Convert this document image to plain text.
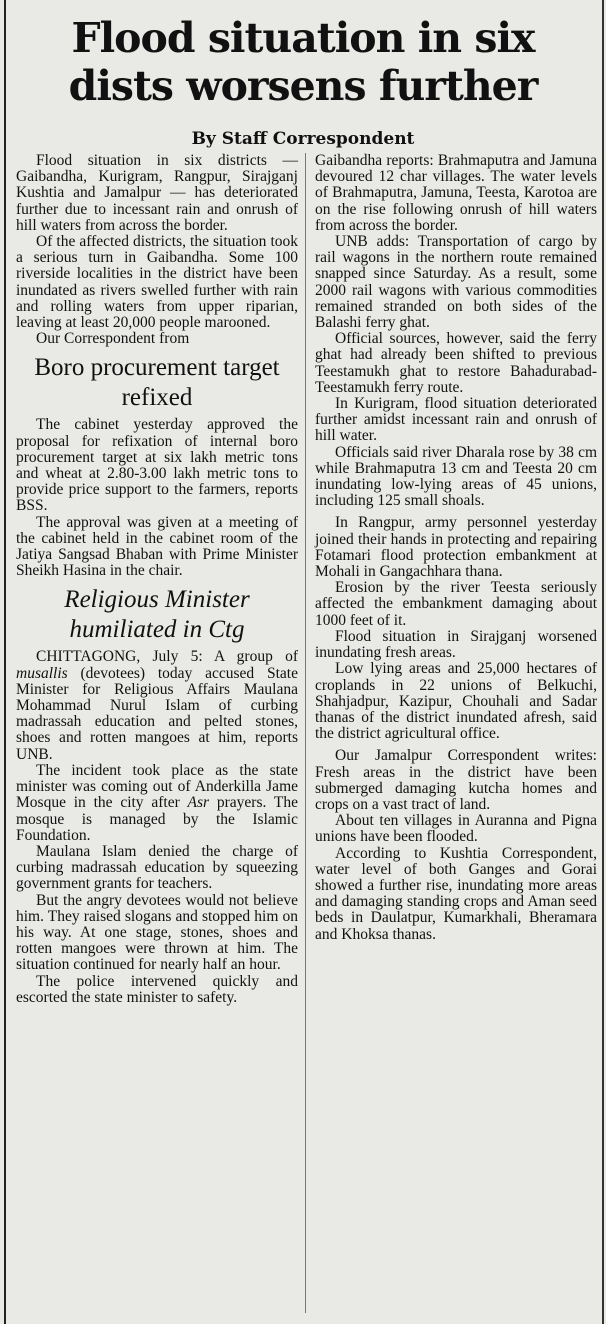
Flood situation in six
dists worsens further

By Staff Correspondent

Flood situation in six districts — Gaibandha, Kurigram, Rangpur, Sirajganj Kushtia and Jamalpur — has deteriorated further due to incessant rain and onrush of hill waters from across the border.

Of the affected districts, the situation took a serious turn in Gaibandha. Some 100 riverside localities in the district have been inundated as rivers swelled further with rain and rolling waters from upper riparian, leaving at least 20,000 people marooned.

Our Correspondent from

Boro procurement target refixed

The cabinet yesterday approved the proposal for refixation of internal boro procurement target at six lakh metric tons and wheat at 2.80-3.00 lakh metric tons to provide price support to the farmers, reports BSS.

The approval was given at a meeting of the cabinet held in the cabinet room of the Jatiya Sangsad Bhaban with Prime Minister Sheikh Hasina in the chair.

Religious Minister
humiliated in Ctg

CHITTAGONG, July 5: A group of musallis (devotees) today accused State Minister for Religious Affairs Maulana Mohammad Nurul Islam of curbing madrassah education and pelted stones, shoes and rotten mangoes at him, reports UNB.

The incident took place as the state minister was coming out of Anderkilla Jame Mosque in the city after Asr prayers. The mosque is managed by the Islamic Foundation.

Maulana Islam denied the charge of curbing madrassah education by squeezing government grants for teachers.

But the angry devotees would not believe him. They raised slogans and stopped him on his way. At one stage, stones, shoes and rotten mangoes were thrown at him. The situation continued for nearly half an hour.

The police intervened quickly and escorted the state minister to safety.

Gaibandha reports: Brahmaputra and Jamuna devoured 12 char villages. The water levels of Brahmaputra, Jamuna, Teesta, Karotoa are on the rise following onrush of hill waters from across the border.

UNB adds: Transportation of cargo by rail wagons in the northern route remained snapped since Saturday. As a result, some 2000 rail wagons with various commodities remained stranded on both sides of the Balashi ferry ghat.

Official sources, however, said the ferry ghat had already been shifted to previous Teestamukh ghat to restore Bahadurabad-Teestamukh ferry route.

In Kurigram, flood situation deteriorated further amidst incessant rain and onrush of hill water.

Officials said river Dharala rose by 38 cm while Brahmaputra 13 cm and Teesta 20 cm inundating low-lying areas of 45 unions, including 125 small shoals.

In Rangpur, army personnel yesterday joined their hands in protecting and repairing Fotamari flood protection embankment at Mohali in Gangachhara thana.

Erosion by the river Teesta seriously affected the embankment damaging about 1000 feet of it.

Flood situation in Sirajganj worsened inundating fresh areas.

Low lying areas and 25,000 hectares of croplands in 22 unions of Belkuchi, Shahjadpur, Kazipur, Chouhali and Sadar thanas of the district inundated afresh, said the district agricultural office.

Our Jamalpur Correspondent writes: Fresh areas in the district have been submerged damaging kutcha homes and crops on a vast tract of land.

About ten villages in Auranna and Pigna unions have been flooded.

According to Kushtia Correspondent, water level of both Ganges and Gorai showed a further rise, inundating more areas and damaging standing crops and Aman seed beds in Daulatpur, Kumarkhali, Bheramara and Khoksa thanas.
